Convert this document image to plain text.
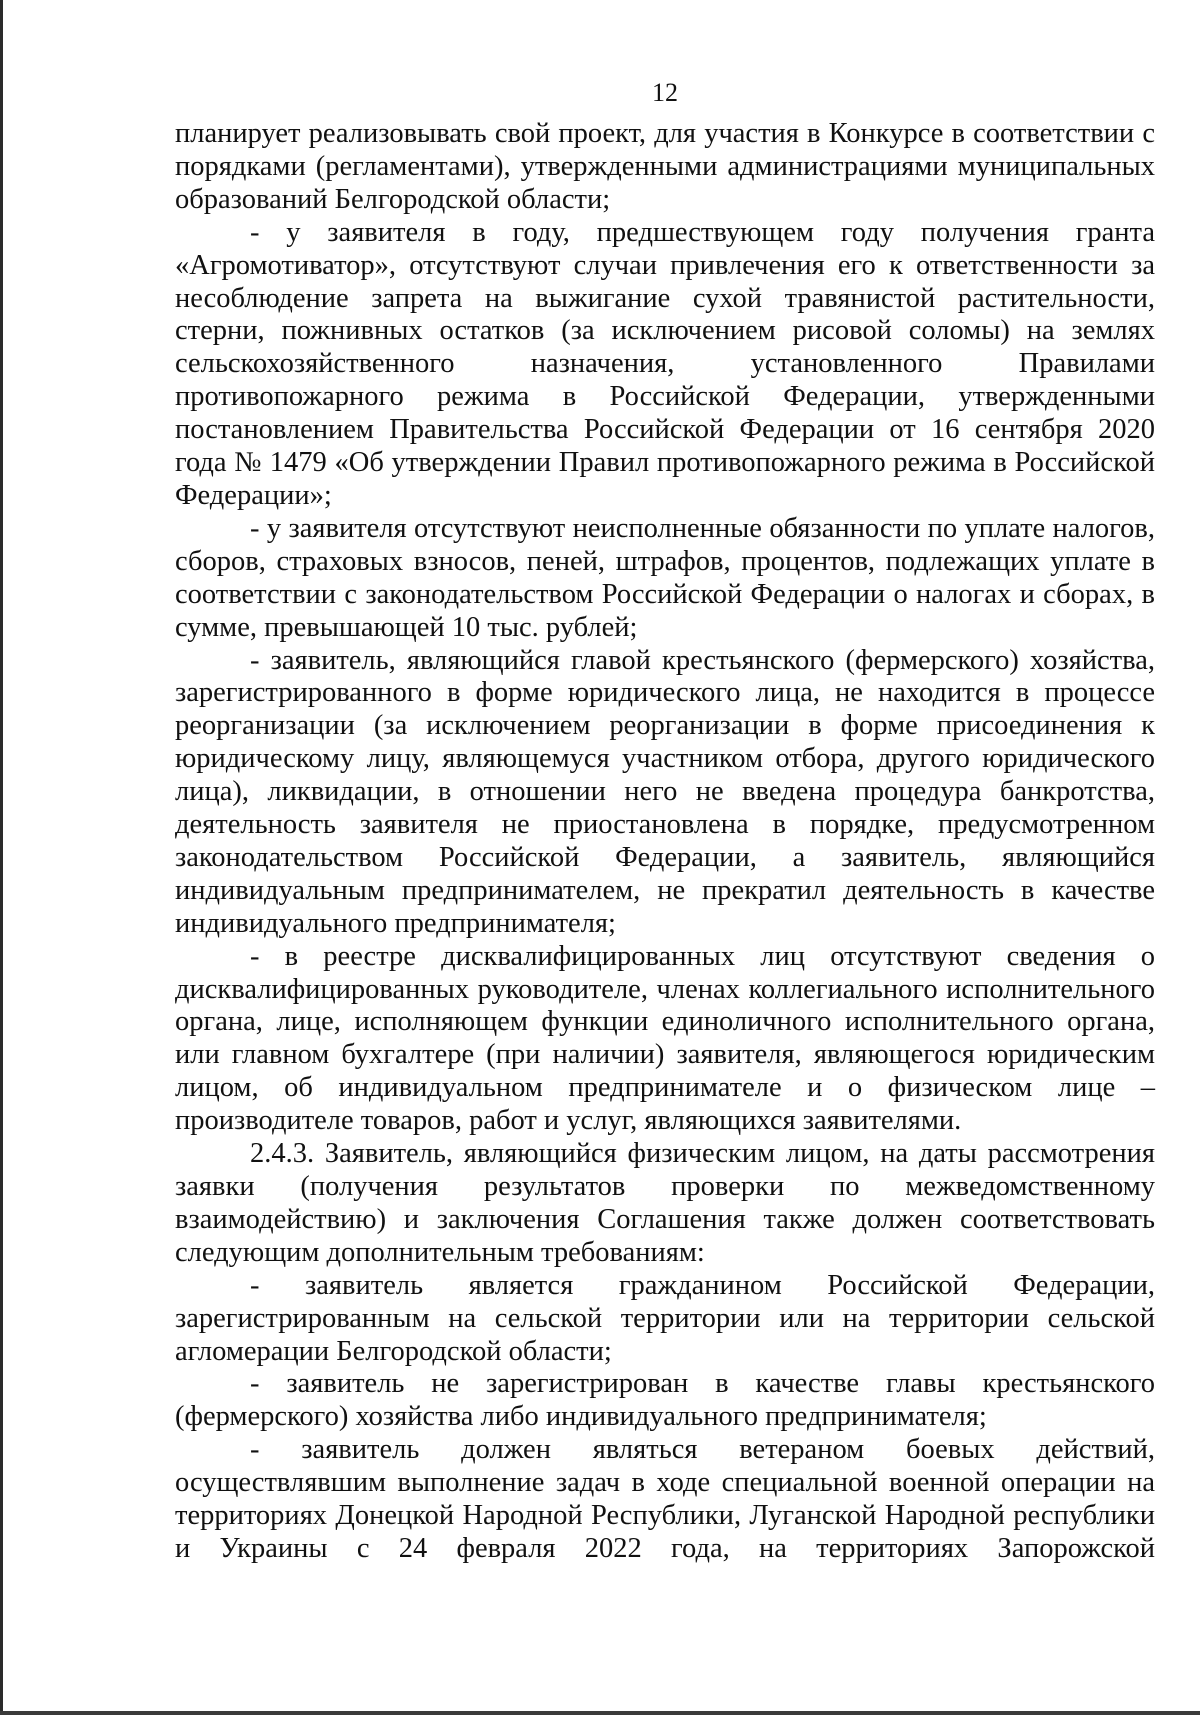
12

планирует реализовывать свой проект, для участия в Конкурсе в соответствии с порядками (регламентами), утвержденными администрациями муниципальных образований Белгородской области;

- у заявителя в году, предшествующем году получения гранта «Агромотиватор», отсутствуют случаи привлечения его к ответственности за несоблюдение запрета на выжигание сухой травянистой растительности, стерни, пожнивных остатков (за исключением рисовой соломы) на землях сельскохозяйственного назначения, установленного Правилами противопожарного режима в Российской Федерации, утвержденными постановлением Правительства Российской Федерации от 16 сентября 2020 года № 1479 «Об утверждении Правил противопожарного режима в Российской Федерации»;

- у заявителя отсутствуют неисполненные обязанности по уплате налогов, сборов, страховых взносов, пеней, штрафов, процентов, подлежащих уплате в соответствии с законодательством Российской Федерации о налогах и сборах, в сумме, превышающей 10 тыс. рублей;

- заявитель, являющийся главой крестьянского (фермерского) хозяйства, зарегистрированного в форме юридического лица, не находится в процессе реорганизации (за исключением реорганизации в форме присоединения к юридическому лицу, являющемуся участником отбора, другого юридического лица), ликвидации, в отношении него не введена процедура банкротства, деятельность заявителя не приостановлена в порядке, предусмотренном законодательством Российской Федерации, а заявитель, являющийся индивидуальным предпринимателем, не прекратил деятельность в качестве индивидуального предпринимателя;

- в реестре дисквалифицированных лиц отсутствуют сведения о дисквалифицированных руководителе, членах коллегиального исполнительного органа, лице, исполняющем функции единоличного исполнительного органа, или главном бухгалтере (при наличии) заявителя, являющегося юридическим лицом, об индивидуальном предпринимателе и о физическом лице – производителе товаров, работ и услуг, являющихся заявителями.

2.4.3. Заявитель, являющийся физическим лицом, на даты рассмотрения заявки (получения результатов проверки по межведомственному взаимодействию) и заключения Соглашения также должен соответствовать следующим дополнительным требованиям:

- заявитель является гражданином Российской Федерации, зарегистрированным на сельской территории или на территории сельской агломерации Белгородской области;

- заявитель не зарегистрирован в качестве главы крестьянского (фермерского) хозяйства либо индивидуального предпринимателя;

- заявитель должен являться ветераном боевых действий, осуществлявшим выполнение задач в ходе специальной военной операции на территориях Донецкой Народной Республики, Луганской Народной республики и Украины с 24 февраля 2022 года, на территориях Запорожской
